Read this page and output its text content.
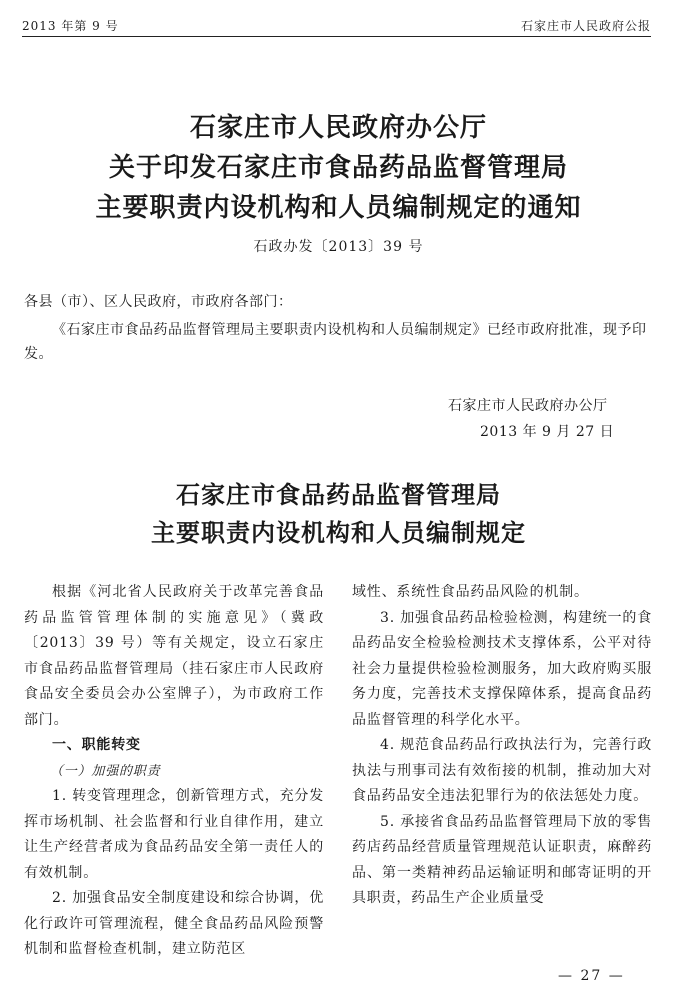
2013 年第 9 号	石家庄市人民政府公报
石家庄市人民政府办公厅
关于印发石家庄市食品药品监督管理局
主要职责内设机构和人员编制规定的通知
石政办发〔2013〕39 号
各县（市）、区人民政府，市政府各部门：
《石家庄市食品药品监督管理局主要职责内设机构和人员编制规定》已经市政府批准，现予印发。
石家庄市人民政府办公厅
2013 年 9 月 27 日
石家庄市食品药品监督管理局
主要职责内设机构和人员编制规定

根据《河北省人民政府关于改革完善食品药品监管管理体制的实施意见》（冀政〔2013〕39 号）等有关规定，设立石家庄市食品药品监督管理局（挂石家庄市人民政府食品安全委员会办公室牌子），为市政府工作部门。

一、职能转变

（一）加强的职责

1. 转变管理理念，创新管理方式，充分发挥市场机制、社会监督和行业自律作用，建立让生产经营者成为食品药品安全第一责任人的有效机制。

2. 加强食品安全制度建设和综合协调，优化行政许可管理流程，健全食品药品风险预警机制和监督检查机制，建立防范区

域性、系统性食品药品风险的机制。

3. 加强食品药品检验检测，构建统一的食品药品安全检验检测技术支撑体系，公平对待社会力量提供检验检测服务，加大政府购买服务力度，完善技术支撑保障体系，提高食品药品监督管理的科学化水平。

4. 规范食品药品行政执法行为，完善行政执法与刑事司法有效衔接的机制，推动加大对食品药品安全违法犯罪行为的依法惩处力度。

5. 承接省食品药品监督管理局下放的零售药店药品经营质量管理规范认证职责，麻醉药品、第一类精神药品运输证明和邮寄证明的开具职责，药品生产企业质量受

— 27 —
